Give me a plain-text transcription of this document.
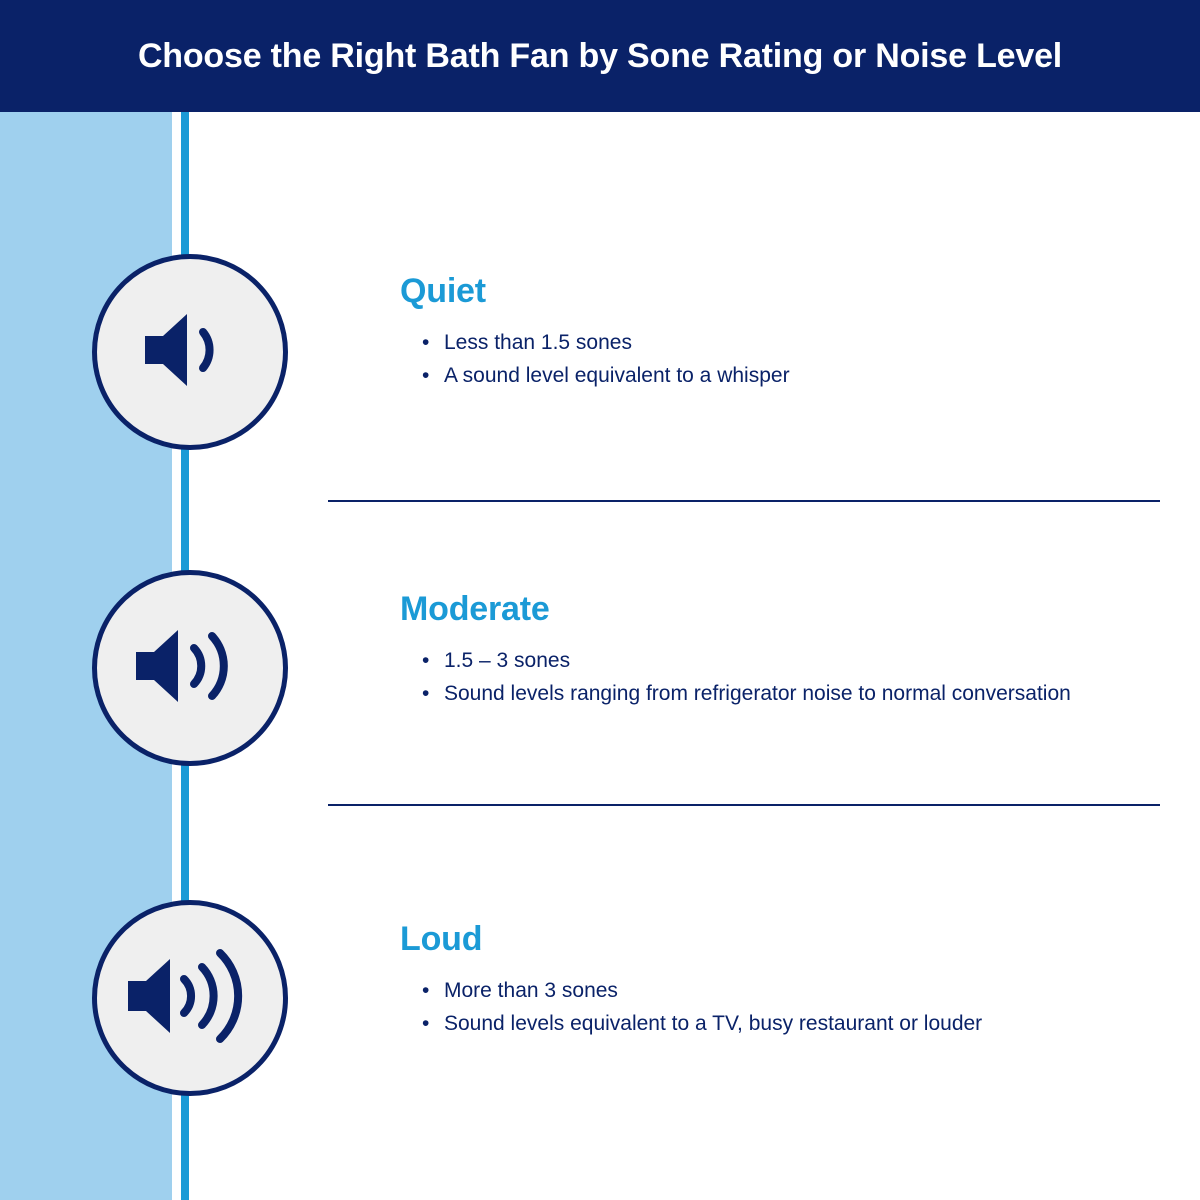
Choose the Right Bath Fan by Sone Rating or Noise Level
Quiet
• Less than 1.5 sones
• A sound level equivalent to a whisper
Moderate
• 1.5 – 3 sones
• Sound levels ranging from refrigerator noise to normal conversation
Loud
• More than 3 sones
• Sound levels equivalent to a TV, busy restaurant or louder
